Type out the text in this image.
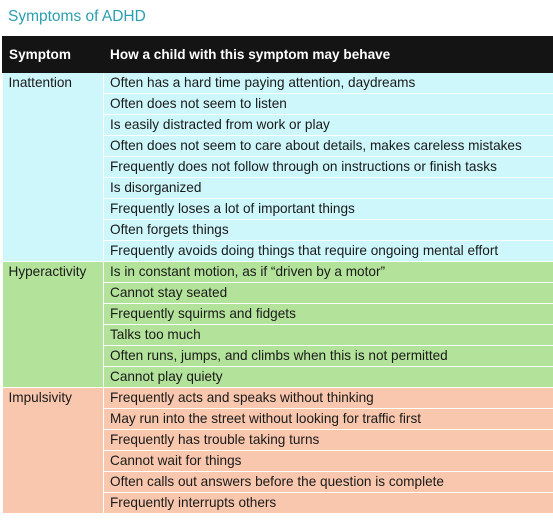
Symptoms of ADHD
Symptom	How a child with this symptom may behave
Inattention	Often has a hard time paying attention, daydreams
	Often does not seem to listen
	Is easily distracted from work or play
	Often does not seem to care about details, makes careless mistakes
	Frequently does not follow through on instructions or finish tasks
	Is disorganized
	Frequently loses a lot of important things
	Often forgets things
	Frequently avoids doing things that require ongoing mental effort
Hyperactivity	Is in constant motion, as if “driven by a motor”
	Cannot stay seated
	Frequently squirms and fidgets
	Talks too much
	Often runs, jumps, and climbs when this is not permitted
	Cannot play quiety
Impulsivity	Frequently acts and speaks without thinking
	May run into the street without looking for traffic first
	Frequently has trouble taking turns
	Cannot wait for things
	Often calls out answers before the question is complete
	Frequently interrupts others
